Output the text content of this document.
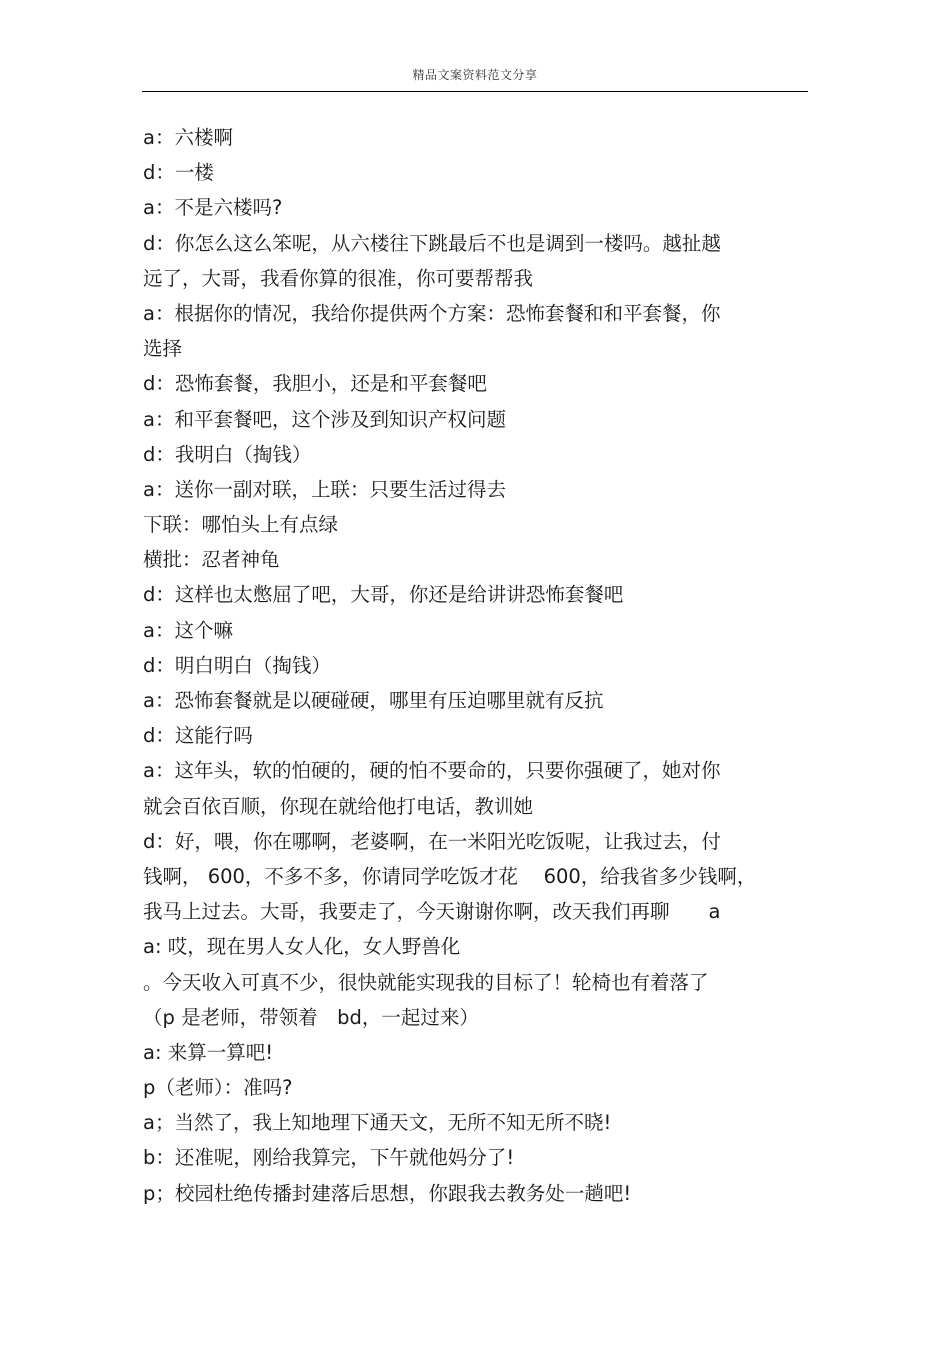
精品文案资料范文分享
a：六楼啊
d：一楼
a：不是六楼吗?
d：你怎么这么笨呢，从六楼往下跳最后不也是调到一楼吗。越扯越
远了，大哥，我看你算的很准，你可要帮帮我
a：根据你的情况，我给你提供两个方案：恐怖套餐和和平套餐，你
选择
d：恐怖套餐，我胆小，还是和平套餐吧
a：和平套餐吧，这个涉及到知识产权问题
d：我明白（掏钱）
a：送你一副对联，上联：只要生活过得去
下联：哪怕头上有点绿
横批：忍者神龟
d：这样也太憋屈了吧，大哥，你还是给讲讲恐怖套餐吧
a：这个嘛
d：明白明白（掏钱）
a：恐怖套餐就是以硬碰硬，哪里有压迫哪里就有反抗
d：这能行吗
a：这年头，软的怕硬的，硬的怕不要命的，只要你强硬了，她对你
就会百依百顺，你现在就给他打电话，教训她
d：好，喂，你在哪啊，老婆啊，在一米阳光吃饭呢，让我过去，付
钱啊， 600，不多不多，你请同学吃饭才花　 600，给我省多少钱啊，
我马上过去。大哥，我要走了，今天谢谢你啊，改天我们再聊　　a
a: 哎，现在男人女人化，女人野兽化
。今天收入可真不少，很快就能实现我的目标了！轮椅也有着落了
（p 是老师，带领着　bd，一起过来）
a: 来算一算吧!
p（老师）：准吗?
a；当然了，我上知地理下通天文，无所不知无所不晓!
b：还准呢，刚给我算完，下午就他妈分了!
p；校园杜绝传播封建落后思想，你跟我去教务处一趟吧!
